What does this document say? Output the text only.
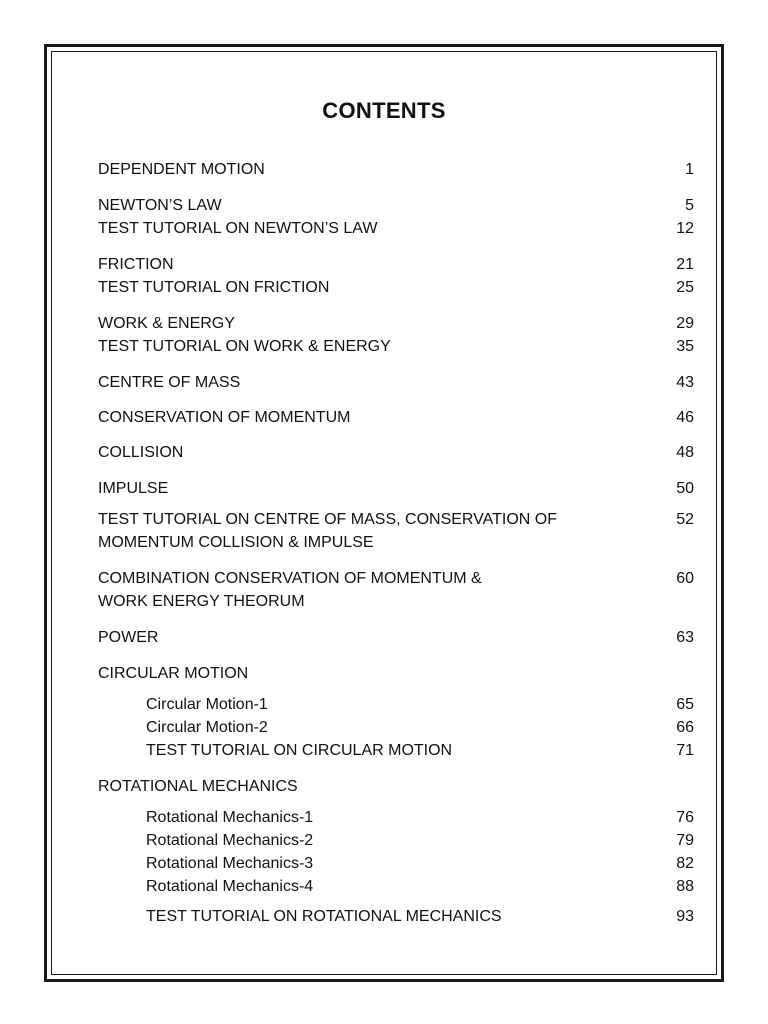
CONTENTS
DEPENDENT MOTION	1
NEWTON’S LAW	5
TEST TUTORIAL ON NEWTON’S LAW	12
FRICTION	21
TEST TUTORIAL ON FRICTION	25
WORK & ENERGY	29
TEST TUTORIAL ON WORK & ENERGY	35
CENTRE OF MASS	43
CONSERVATION OF MOMENTUM	46
COLLISION	48
IMPULSE	50
TEST TUTORIAL ON CENTRE OF MASS, CONSERVATION OF	52
MOMENTUM COLLISION & IMPULSE
COMBINATION CONSERVATION OF MOMENTUM &	60
WORK ENERGY THEORUM
POWER	63
CIRCULAR MOTION
Circular Motion-1	65
Circular Motion-2	66
TEST TUTORIAL ON CIRCULAR MOTION	71
ROTATIONAL MECHANICS
Rotational Mechanics-1	76
Rotational Mechanics-2	79
Rotational Mechanics-3	82
Rotational Mechanics-4	88
TEST TUTORIAL ON ROTATIONAL MECHANICS	93
